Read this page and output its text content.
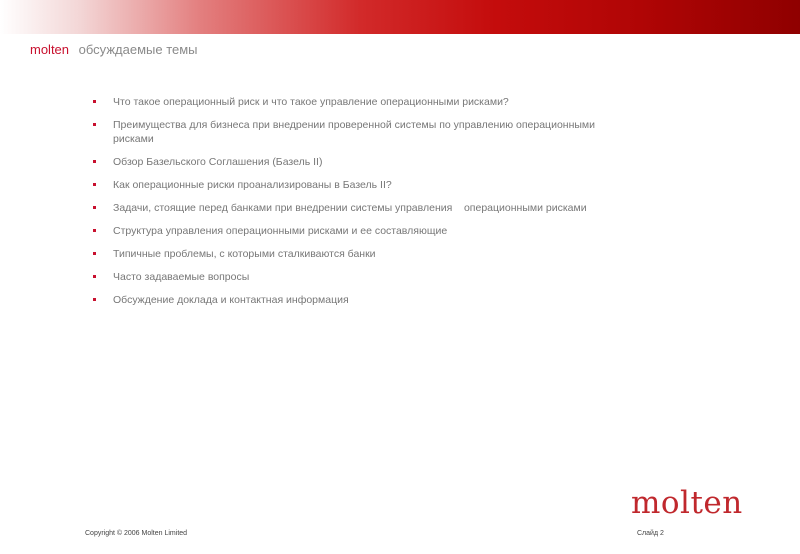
molten обсуждаемые темы
Что такое операционный риск и что такое управление операционными рисками?
Преимущества для бизнеса при внедрении проверенной системы по управлению операционными рисками
Обзор Базельского Соглашения (Базель II)
Как операционные риски проанализированы в Базель II?
Задачи, стоящие перед банками при внедрении системы управления    операционными рисками
Структура управления операционными рисками и ее составляющие
Типичные проблемы, с которыми сталкиваются банки
Часто задаваемые вопросы
Обсуждение доклада и контактная информация
molten
Copyright © 2006 Molten Limited	Слайд 2
